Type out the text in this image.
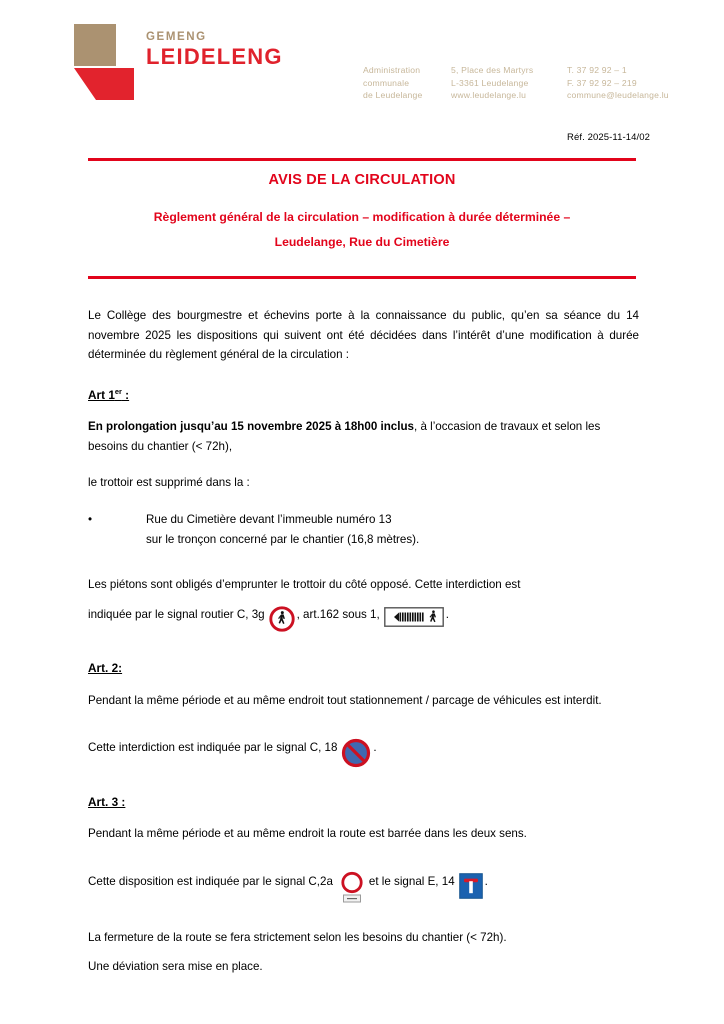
GEMENG
LEIDELENG
Administration
communale
de Leudelange
5, Place des Martyrs
L-3361 Leudelange
www.leudelange.lu
T. 37 92 92 – 1
F. 37 92 92 – 219
commune@leudelange.lu
Réf. 2025-11-14/02
AVIS DE LA CIRCULATION
Règlement général de la circulation – modification à durée déterminée –
Leudelange, Rue du Cimetière

Le Collège des bourgmestre et échevins porte à la connaissance du public, qu’en sa séance du 14 novembre 2025 les dispositions qui suivent ont été décidées dans l’intérêt d’une modification à durée déterminée du règlement général de la circulation :

Art 1er :

En prolongation jusqu’au 15 novembre 2025 à 18h00 inclus, à l’occasion de travaux et selon les besoins du chantier (< 72h),

le trottoir est supprimé dans la :

•	Rue du Cimetière devant l’immeuble numéro 13
sur le tronçon concerné par le chantier (16,8 mètres).

Les piétons sont obligés d’emprunter le trottoir du côté opposé. Cette interdiction est

indiquée par le signal routier C, 3g	, art.162 sous 1,	.

Art. 2:

Pendant la même période et au même endroit tout stationnement / parcage de véhicules est interdit.

Cette interdiction est indiquée par le signal C, 18	.

Art. 3 :

Pendant la même période et au même endroit la route est barrée dans les deux sens.

Cette disposition est indiquée par le signal C,2a	et le signal E, 14	.

La fermeture de la route se fera strictement selon les besoins du chantier (< 72h).

Une déviation sera mise en place.
